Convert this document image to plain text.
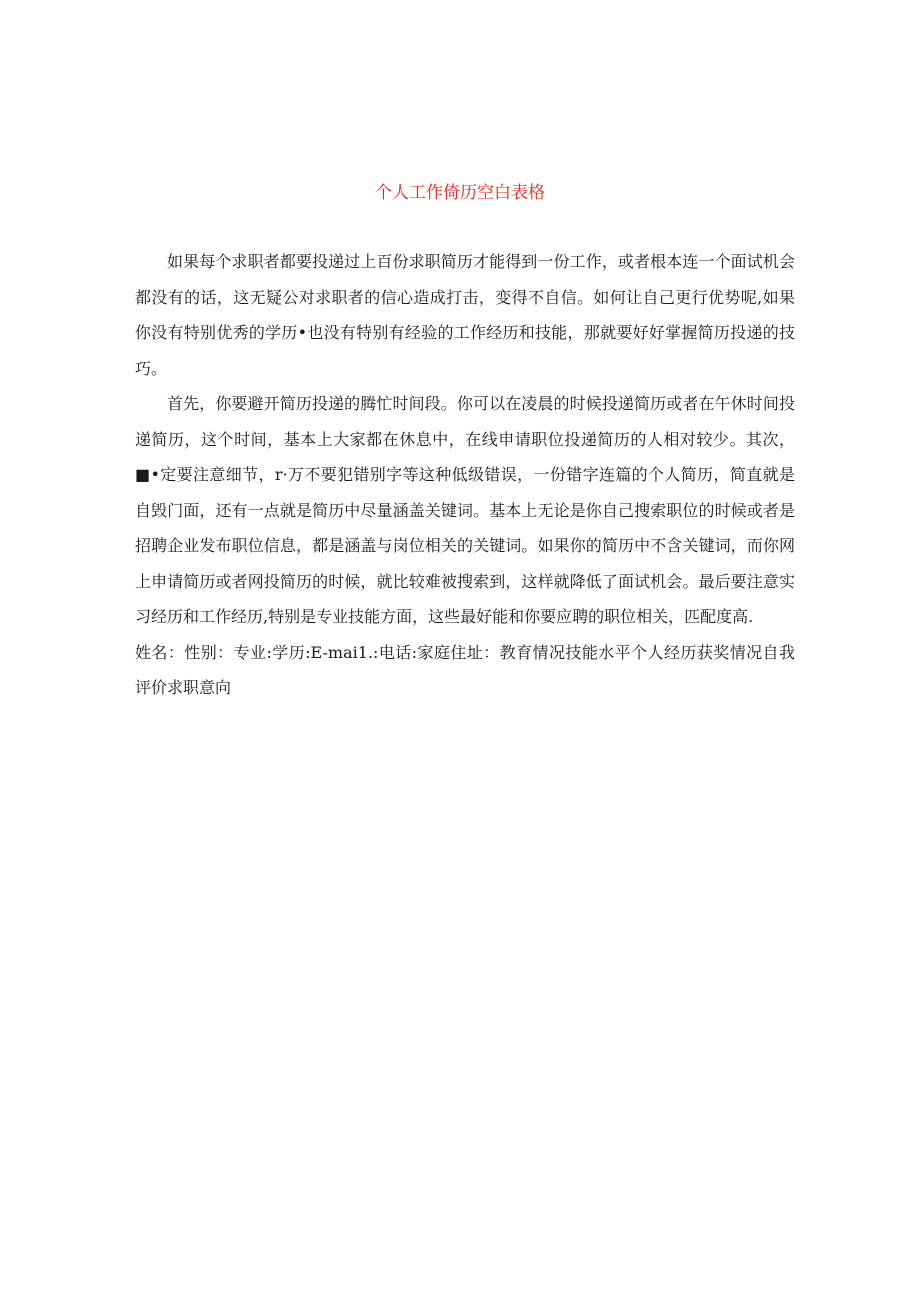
个人工作倚历空白表格

如果每个求职者都要投递过上百份求职简历才能得到一份工作，或者根本连一个面试机会都没有的话，这无疑公对求职者的信心造成打击，变得不自信。如何让自己更行优势呢,如果你没有特别优秀的学历•也没有特别有经验的工作经历和技能，那就要好好掌握简历投递的技巧。

首先，你要避开简历投递的腾忙时间段。你可以在凌晨的时候投递简历或者在午休时间投递简历，这个时间，基本上大家都在休息中，在线申请职位投递简历的人相对较少。其次，■•定要注意细节，r·万不要犯错别字等这种低级错误，一份错字连篇的个人简历，简直就是自毁门面，还有一点就是简历中尽量涵盖关键词。基本上无论是你自己搜索职位的时候或者是招聘企业发布职位信息，都是涵盖与岗位相关的关键词。如果你的简历中不含关键词，而你网上申请简历或者网投简历的时候，就比较难被搜索到，这样就降低了面试机会。最后要注意实习经历和工作经历,特别是专业技能方面，这些最好能和你要应聘的职位相关，匹配度高.

姓名：性别：专业:学历:E-mai1.:电话:家庭住址：教育情况技能水平个人经历获奖情况自我评价求职意向
